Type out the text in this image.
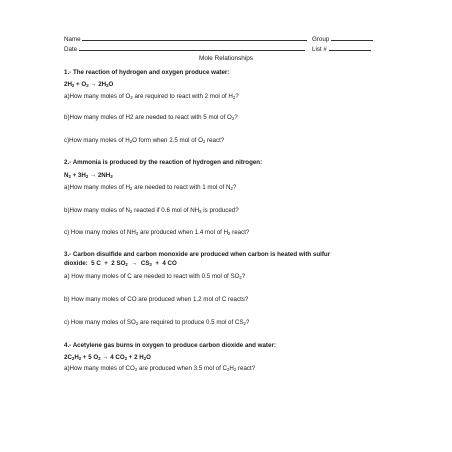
Name	Group
Date	List #
Mole Relationships
1.- The reaction of hydrogen and oxygen produce water:
$2H_2 + O_2 \to 2H_2O$
a)How many moles of $O_2$ are required to react with 2 mol of $H_2$?
b)How many moles of H2 are needed to react with 5 mol of $O_2$?
c)How many moles of $H_2O$ form when 2.5 mol of $O_2$ react?
2.- Ammonia is produced by the reaction of hydrogen and nitrogen:
$N_2 + 3H_2 \to 2NH_3$
a)How many moles of $H_2$ are needed to react with 1 mol of $N_2$?
b)How many moles of $N_2$ reacted if 0.6 mol of $NH_3$ is produced?
c) How many moles of $NH_3$ are produced when 1.4 mol of $H_2$ react?
3.- Carbon disulfide and carbon monoxide are produced when carbon is heated with sulfur
dioxide:  5 C  +  2 $SO_2 \to CS_2 + 4$ CO
a) How many moles of C are needed to react with 0.5 mol of $SO_2$?
b) How many moles of CO are produced when 1.2 mol of C reacts?
c) How many moles of $SO_2$ are required to produce 0.5 mol of $CS_2$?
4.- Acetylene gas burns in oxygen to produce carbon dioxide and water:
$2C_2H_2 + 5$ $O_2 \to 4$ $CO_2 + 2$ $H_2O$
a)How many moles of $CO_2$ are produced when 3.5 mol of $C_2H_2$ react?
